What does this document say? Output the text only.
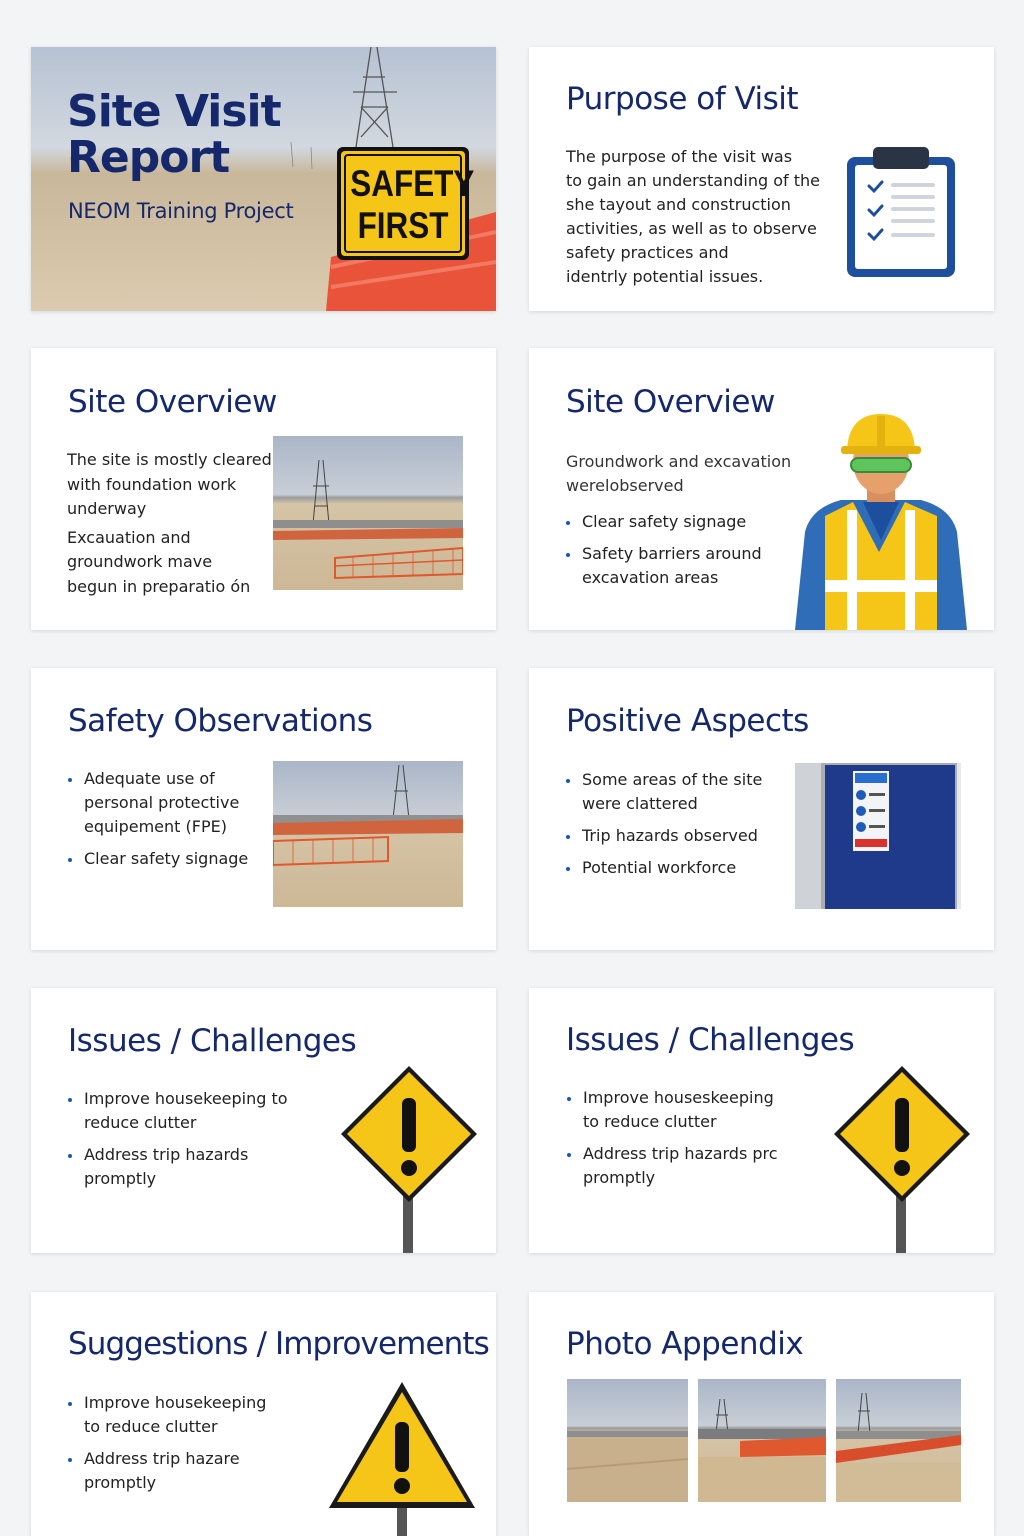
SAFETY
FIRST
Site Visit Report
NEOM Training Project
Purpose of Visit
The purpose of the visit was
to gain an understanding of the
she tayout and construction
activities, as well as to observe
safety practices and
identrly potential issues.
Site Overview
The site is mostly cleared
with foundation work
underway
Excauation and
groundwork mave
begun in preparatio ón
Site Overview
Groundwork and excavation
werelobserved
Clear safety signage
Safety barriers around
excavation areas
Safety Observations
Adequate use of
personal protective
equipement (FPE)
Clear safety signage
Positive Aspects
Some areas of the site
were clattered
Trip hazards observed
Potential workforce
Issues / Challenges
Improve housekeeping to
reduce clutter
Address trip hazards
promptly
Issues / Challenges
Improve houseskeeping
to reduce clutter
Address trip hazards prc
promptly
Suggestions / Improvements
Improve housekeeping
to reduce clutter
Address trip hazare
promptly
Photo Appendix
